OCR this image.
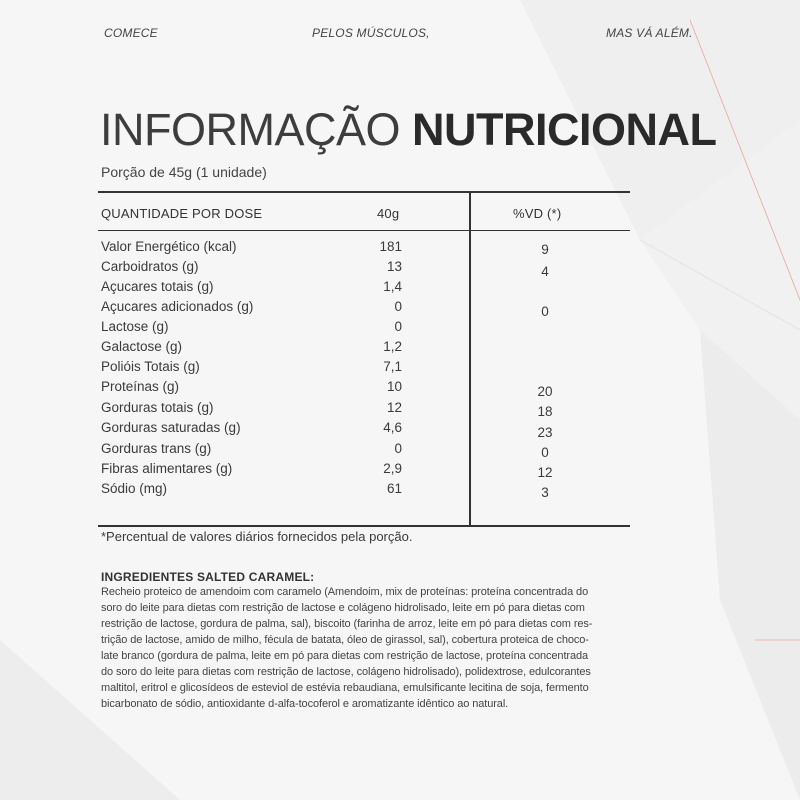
COMECE	PELOS MÚSCULOS,	MAS VÁ ALÉM.
INFORMAÇÃO NUTRICIONAL
Porção de 45g (1 unidade)
QUANTIDADE POR DOSE	40g	%VD (*)
Valor Energético (kcal)	181	9
Carboidratos (g)	13	4
Açucares totais (g)	1,4
Açucares adicionados (g)	0	0
Lactose (g)	0
Galactose (g)	1,2
Polióis Totais (g)	7,1
Proteínas (g)	10	20
Gorduras totais (g)	12	18
Gorduras saturadas (g)	4,6	23
Gorduras trans (g)	0	0
Fibras alimentares (g)	2,9	12
Sódio (mg)	61	3
*Percentual de valores diários fornecidos pela porção.
INGREDIENTES SALTED CARAMEL:
Recheio proteico de amendoim com caramelo (Amendoim, mix de proteínas: proteína concentrada do
soro do leite para dietas com restrição de lactose e colágeno hidrolisado, leite em pó para dietas com
restrição de lactose, gordura de palma, sal), biscoito (farinha de arroz, leite em pó para dietas com res-
trição de lactose, amido de milho, fécula de batata, óleo de girassol, sal), cobertura proteica de choco-
late branco (gordura de palma, leite em pó para dietas com restrição de lactose, proteína concentrada
do soro do leite para dietas com restrição de lactose, colágeno hidrolisado), polidextrose, edulcorantes
maltitol, eritrol e glicosídeos de esteviol de estévia rebaudiana, emulsificante lecitina de soja, fermento
bicarbonato de sódio, antioxidante d-alfa-tocoferol e aromatizante idêntico ao natural.
